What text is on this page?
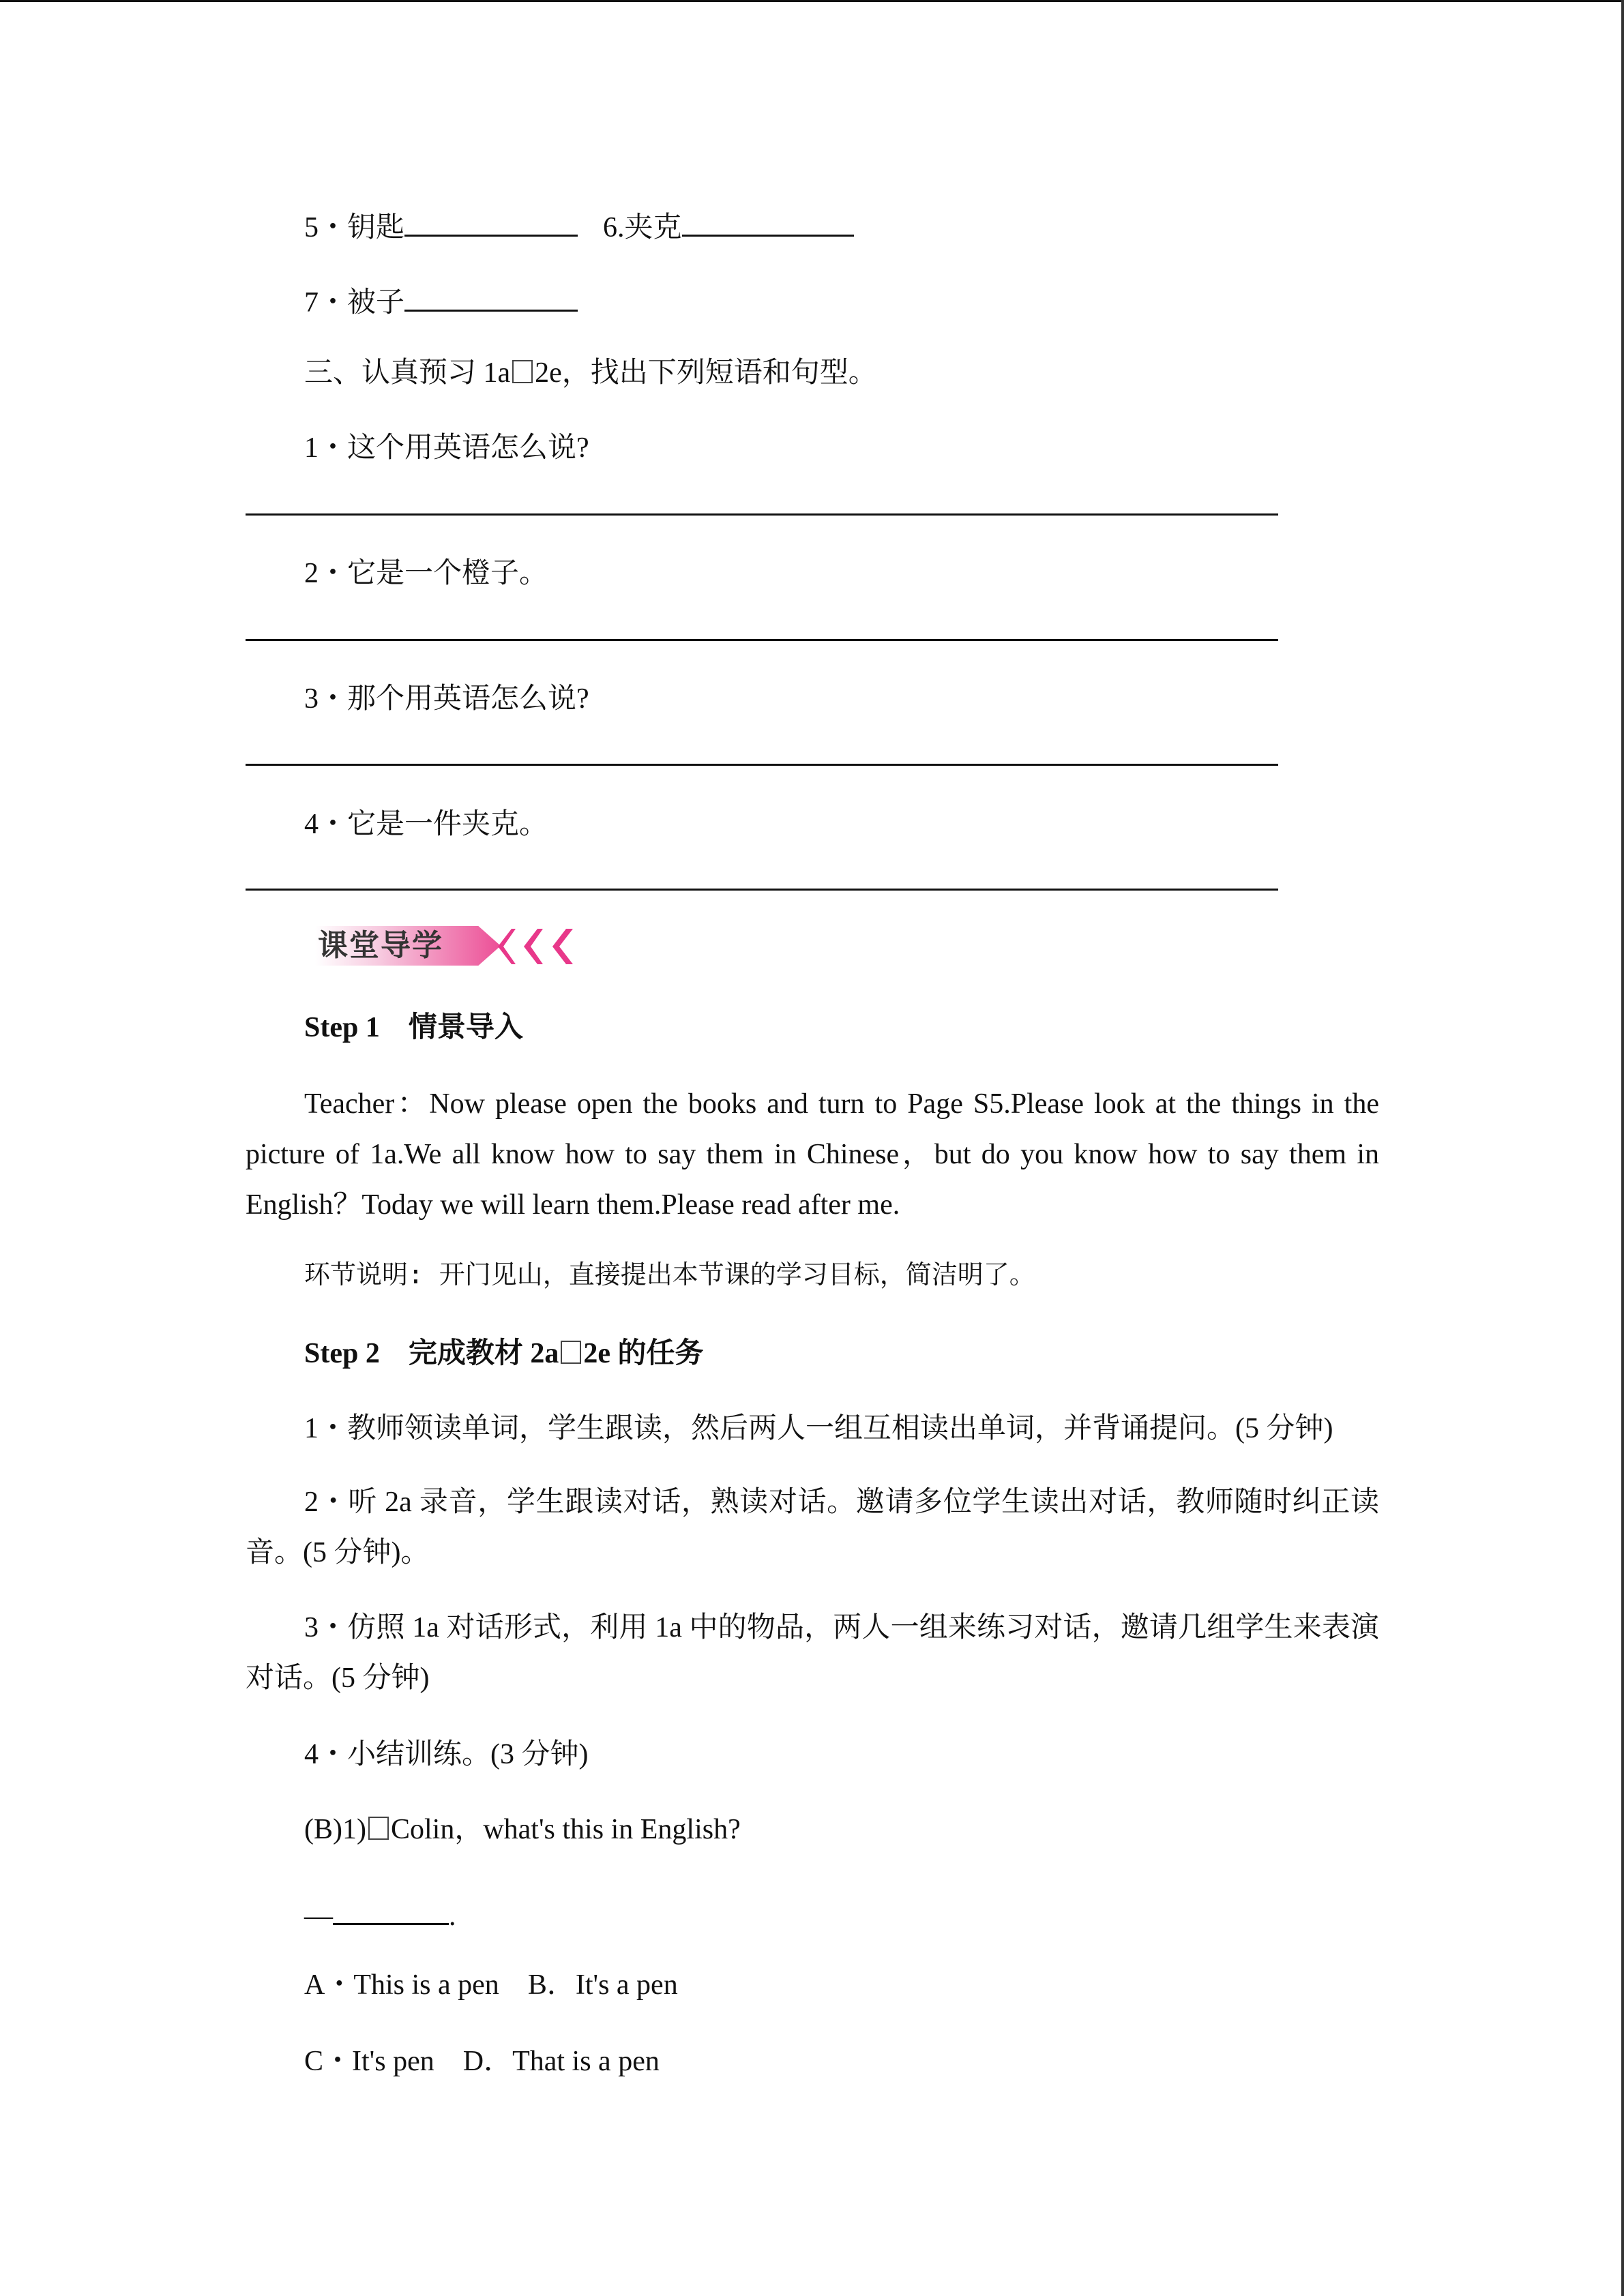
5・钥匙	6.夹克
7・被子
三、认真预习 1a 2e，找出下列短语和句型。
1・这个用英语怎么说?
2・它是一个橙子。
3・那个用英语怎么说?
4・它是一件夹克。
课堂导学
Step 1　情景导入
Teacher：Now please open the books and turn to Page S5.Please look at the things in the picture of 1a.We all know how to say them in Chinese，but do you know how to say them in English？Today we will learn them.Please read after me.
环节说明: 开门见山，直接提出本节课的学习目标，简洁明了。
Step 2　完成教材 2a 2e 的任务
1・教师领读单词，学生跟读，然后两人一组互相读出单词，并背诵提问。(5 分钟)
2・听 2a 录音，学生跟读对话，熟读对话。邀请多位学生读出对话，教师随时纠正读音。(5 分钟)。
3・仿照 1a 对话形式，利用 1a 中的物品，两人一组来练习对话，邀请几组学生来表演对话。(5 分钟)
4・小结训练。(3 分钟)
(B)1) Colin，what's this in English?
—	.
A・This is a pen　 B．It's a pen
C・It's pen　 D．That is a pen
